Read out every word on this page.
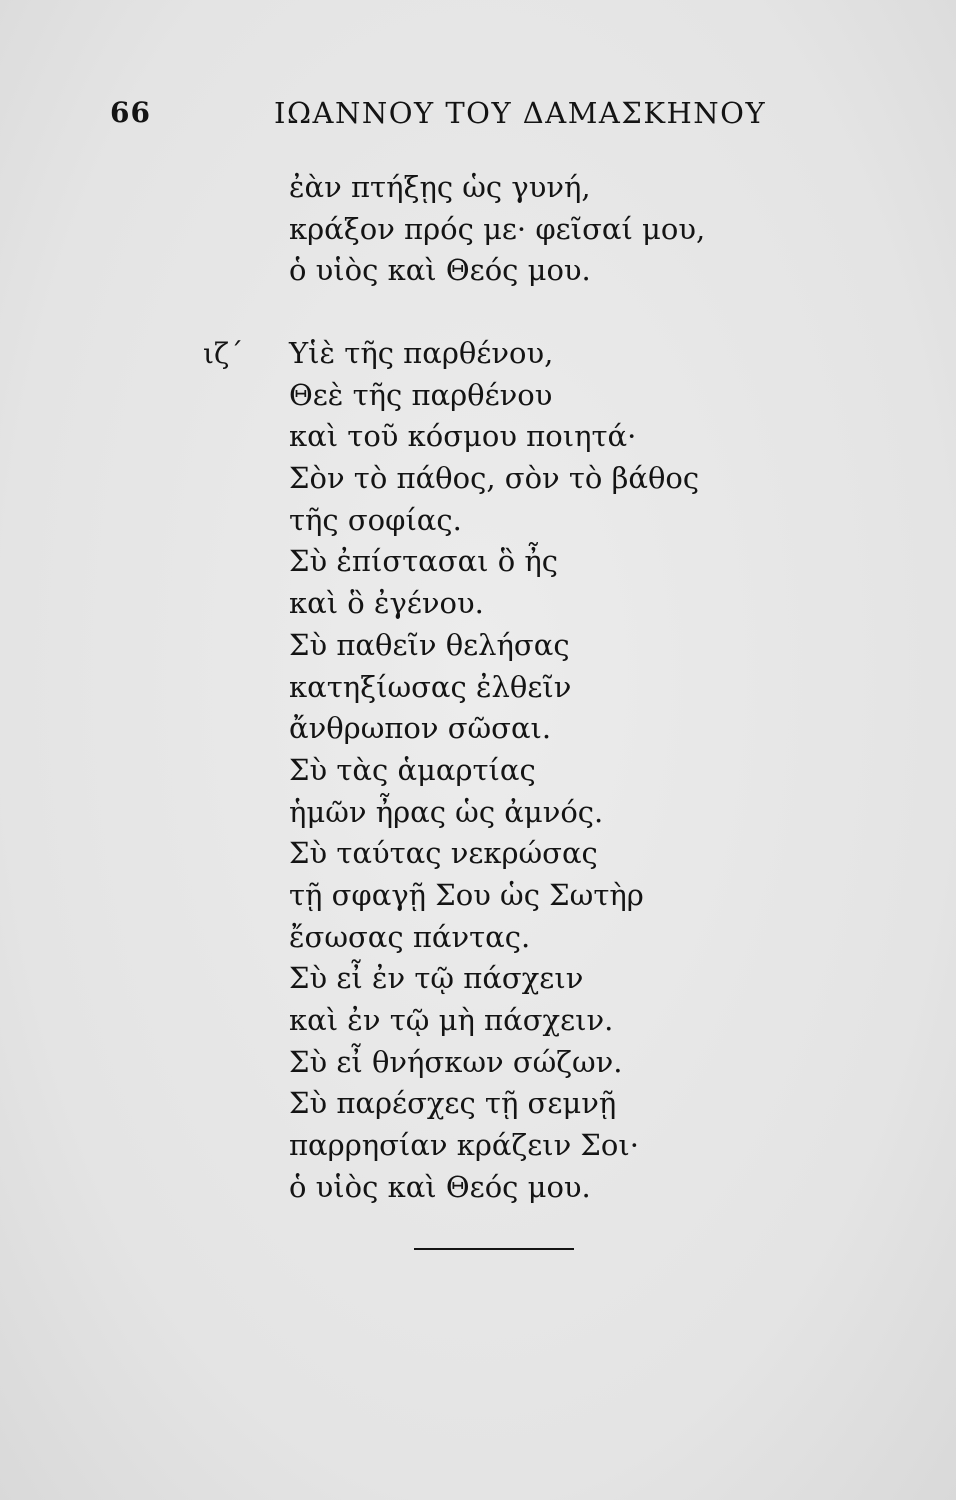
66	ΙΩΑΝΝΟΥ ΤΟΥ ΔΑΜΑΣΚΗΝΟΥ
ἐὰν πτήξῃς ὡς γυνή,
κράξον πρός με· φεῖσαί μου,
ὁ υἱὸς καὶ Θεός μου.
ιζ΄ Υἱὲ τῆς παρθένου,
Θεὲ τῆς παρθένου
καὶ τοῦ κόσμου ποιητά·
Σὸν τὸ πάθος, σὸν τὸ βάθος
τῆς σοφίας.
Σὺ ἐπίστασαι ὃ ἦς
καὶ ὃ ἐγένου.
Σὺ παθεῖν θελήσας
κατηξίωσας ἐλθεῖν
ἄνθρωπον σῶσαι.
Σὺ τὰς ἁμαρτίας
ἡμῶν ἦρας ὡς ἀμνός.
Σὺ ταύτας νεκρώσας
τῇ σφαγῇ Σου ὡς Σωτὴρ
ἔσωσας πάντας.
Σὺ εἶ ἐν τῷ πάσχειν
καὶ ἐν τῷ μὴ πάσχειν.
Σὺ εἶ θνήσκων σώζων.
Σὺ παρέσχες τῇ σεμνῇ
παρρησίαν κράζειν Σοι·
ὁ υἱὸς καὶ Θεός μου.
